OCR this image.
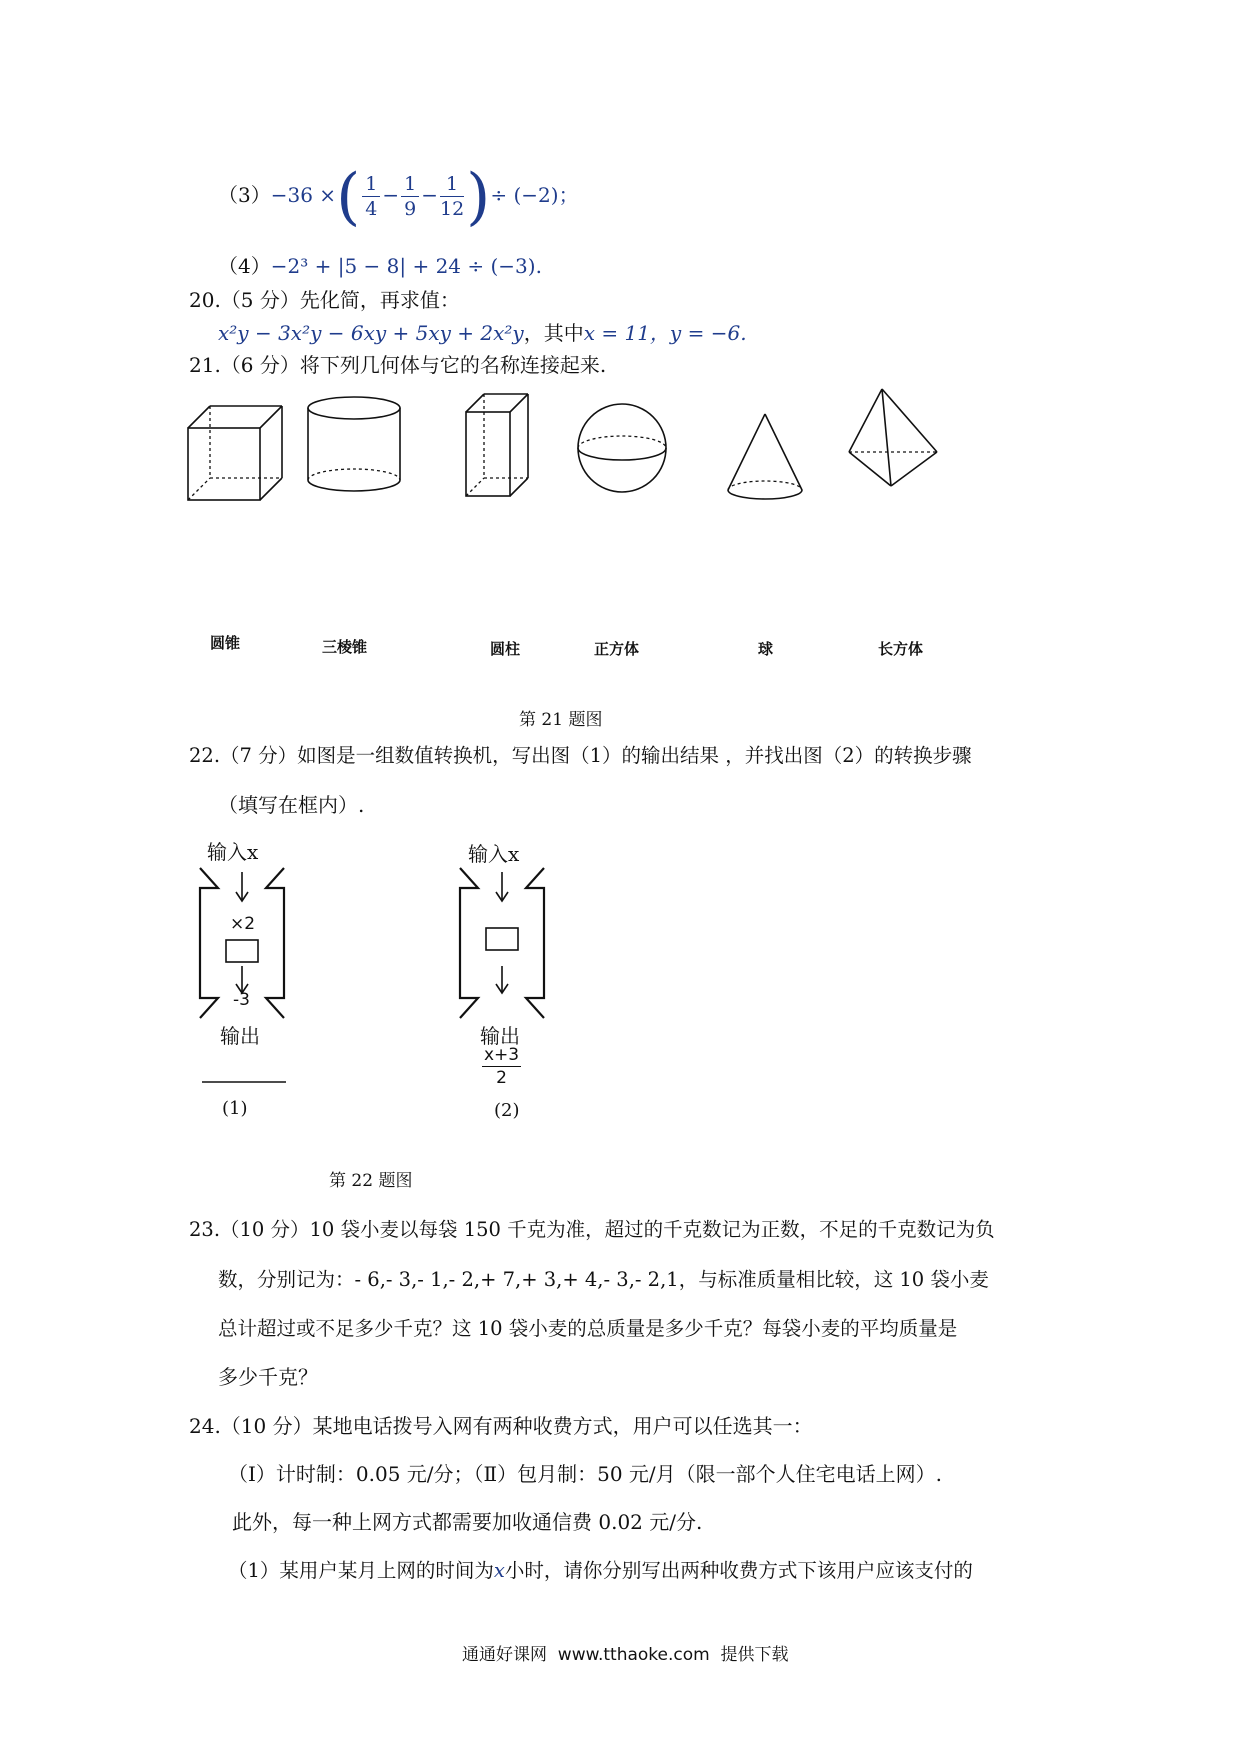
（3）−36 ×( $\frac{1}{4} - \frac{1}{9} - \frac{1}{12}$ )÷ (−2)；
（4）−2³ + |5 − 8| + 24 ÷ (−3).
20.（5 分）先化简，再求值：
x²y − 3x²y − 6xy + 5xy + 2x²y，其中x = 11，y = −6.
21.（6 分）将下列几何体与它的名称连接起来.
圆锥	三棱锥	圆柱	正方体	球	长方体
第 21 题图
22.（7 分）如图是一组数值转换机，写出图（1）的输出结果 ，并找出图（2）的转换步骤
（填写在框内）.
输入x
×2
-3
输出
(1)
输入x
输出
$\frac{x+3}{2}$
(2)
第 22 题图
23.（10 分）10 袋小麦以每袋 150 千克为准，超过的千克数记为正数，不足的千克数记为负
数，分别记为：- 6,- 3,- 1,- 2,+ 7,+ 3,+ 4,- 3,- 2,1，与标准质量相比较，这 10 袋小麦
总计超过或不足多少千克？这 10 袋小麦的总质量是多少千克？每袋小麦的平均质量是
多少千克？
24.（10 分）某地电话拨号入网有两种收费方式，用户可以任选其一：
（Ⅰ）计时制：0.05 元/分；（Ⅱ）包月制：50 元/月（限一部个人住宅电话上网）.
此外，每一种上网方式都需要加收通信费 0.02 元/分.
（1）某用户某月上网的时间为x小时，请你分别写出两种收费方式下该用户应该支付的
通通好课网  www.tthaoke.com  提供下载
